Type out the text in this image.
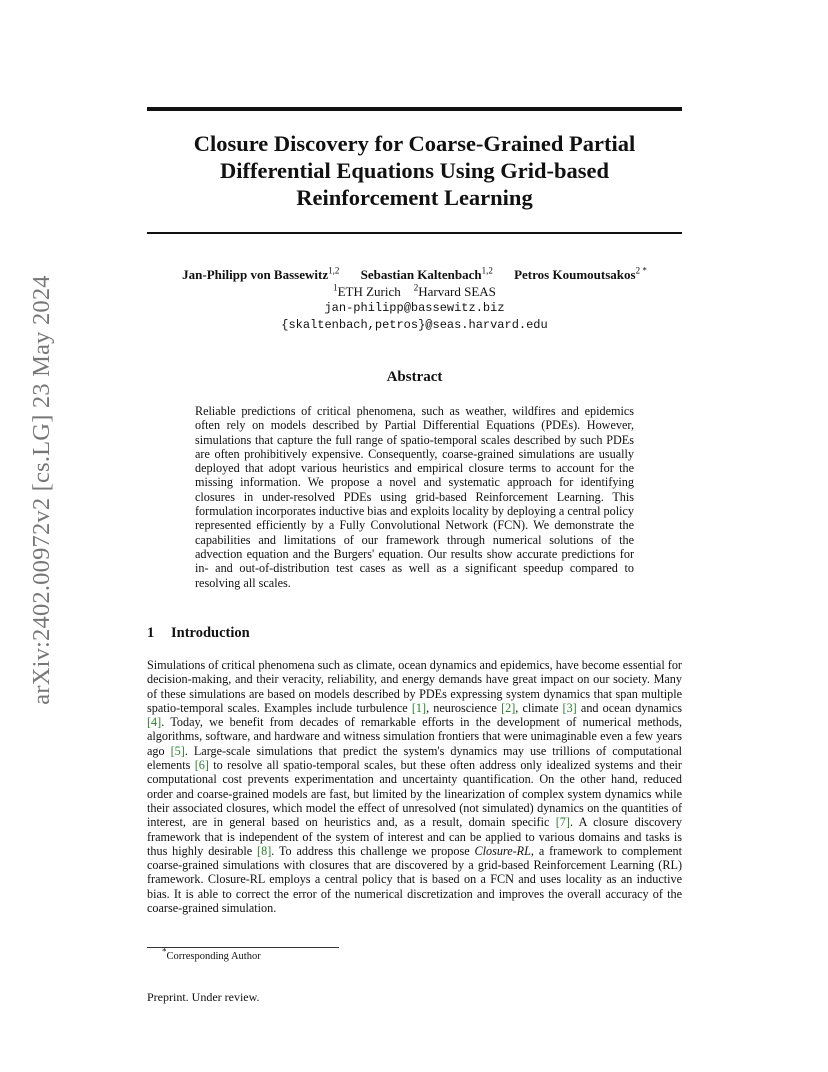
arXiv:2402.00972v2 [cs.LG] 23 May 2024
Closure Discovery for Coarse-Grained Partial Differential Equations Using Grid-based Reinforcement Learning
Jan-Philipp von Bassewitz$^{1,2}$ Sebastian Kaltenbach$^{1,2}$ Petros Koumoutsakos$^{2 *}$
$^1$ETH Zurich $^2$Harvard SEAS
jan-philipp@bassewitz.biz
{skaltenbach,petros}@seas.harvard.edu
Abstract
Reliable predictions of critical phenomena, such as weather, wildfires and epidemics often rely on models described by Partial Differential Equations (PDEs). However, simulations that capture the full range of spatio-temporal scales described by such PDEs are often prohibitively expensive. Consequently, coarse-grained simulations are usually deployed that adopt various heuristics and empirical closure terms to account for the missing information. We propose a novel and systematic approach for identifying closures in under-resolved PDEs using grid-based Reinforcement Learning. This formulation incorporates inductive bias and exploits locality by deploying a central policy represented efficiently by a Fully Convolutional Network (FCN). We demonstrate the capabilities and limitations of our framework through numerical solutions of the advection equation and the Burgers' equation. Our results show accurate predictions for in- and out-of-distribution test cases as well as a significant speedup compared to resolving all scales.
1 Introduction
Simulations of critical phenomena such as climate, ocean dynamics and epidemics, have become essential for decision-making, and their veracity, reliability, and energy demands have great impact on our society. Many of these simulations are based on models described by PDEs expressing system dynamics that span multiple spatio-temporal scales. Examples include turbulence [1], neuroscience [2], climate [3] and ocean dynamics [4]. Today, we benefit from decades of remarkable efforts in the development of numerical methods, algorithms, software, and hardware and witness simulation frontiers that were unimaginable even a few years ago [5]. Large-scale simulations that predict the system's dynamics may use trillions of computational elements [6] to resolve all spatio-temporal scales, but these often address only idealized systems and their computational cost prevents experimentation and uncertainty quantification. On the other hand, reduced order and coarse-grained models are fast, but limited by the linearization of complex system dynamics while their associated closures, which model the effect of unresolved (not simulated) dynamics on the quantities of interest, are in general based on heuristics and, as a result, domain specific [7]. A closure discovery framework that is independent of the system of interest and can be applied to various domains and tasks is thus highly desirable [8]. To address this challenge we propose Closure-RL, a framework to complement coarse-grained simulations with closures that are discovered by a grid-based Reinforcement Learning (RL) framework. Closure-RL employs a central policy that is based on a FCN and uses locality as an inductive bias. It is able to correct the error of the numerical discretization and improves the overall accuracy of the coarse-grained simulation.
*Corresponding Author
Preprint. Under review.
